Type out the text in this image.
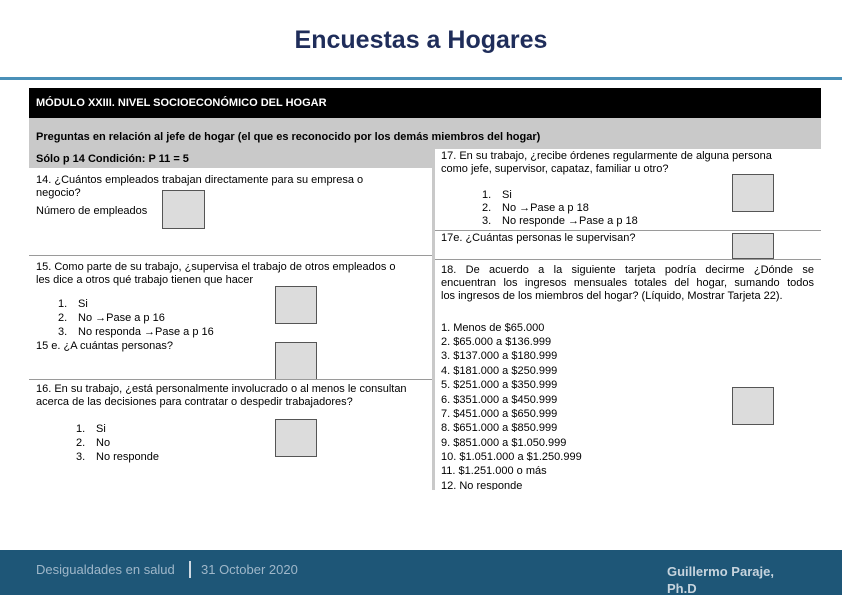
Encuestas a Hogares
MÓDULO XXIII. NIVEL SOCIOECONÓMICO DEL HOGAR
Preguntas en relación al jefe de hogar (el que es reconocido por los demás miembros del hogar)
Sólo p 14 Condición: P 11 = 5
14. ¿Cuántos empleados trabajan directamente para su empresa o
negocio?
Número de empleados
15. Como parte de su trabajo, ¿supervisa el trabajo de otros empleados o
les dice a otros qué trabajo tienen que hacer
1. Si
2. No →Pase a p 16
3. No responda →Pase a p 16
15 e. ¿A cuántas personas?
16. En su trabajo, ¿está personalmente involucrado o al menos le consultan
acerca de las decisiones para contratar o despedir trabajadores?
1. Si
2. No
3. No responde
17. En su trabajo, ¿recibe órdenes regularmente de alguna persona
como jefe, supervisor, capataz, familiar u otro?
1. Si
2. No →Pase a p 18
3. No responde →Pase a p 18
17e. ¿Cuántas personas le supervisan?
18. De acuerdo a la siguiente tarjeta podría decirme ¿Dónde se
encuentran los ingresos mensuales totales del hogar, sumando todos
los ingresos de los miembros del hogar? (Líquido, Mostrar Tarjeta 22).
1. Menos de $65.000
2. $65.000 a $136.999
3. $137.000 a $180.999
4. $181.000 a $250.999
5. $251.000 a $350.999
6. $351.000 a $450.999
7. $451.000 a $650.999
8. $651.000 a $850.999
9. $851.000 a $1.050.999
10. $1.051.000 a $1.250.999
11. $1.251.000 o más
12. No responde
Desigualdades en salud 31 October 2020	Guillermo Paraje, Ph.D
